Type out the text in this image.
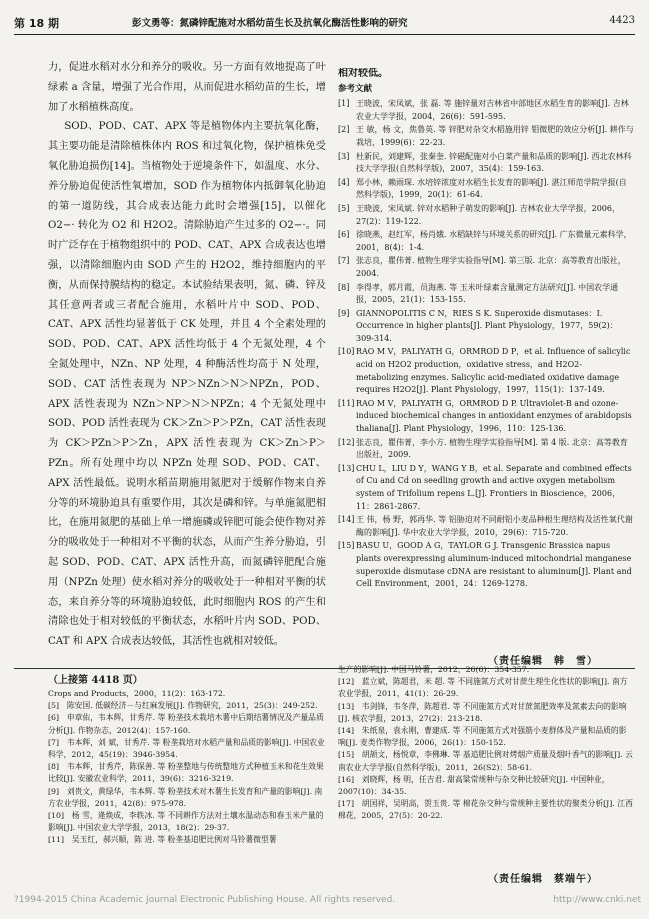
第 18 期	彭文勇等：氮磷锌配施对水稻幼苗生长及抗氧化酶活性影响的研究	4423

力，促进水稻对水分和养分的吸收。另一方面有效地提高了叶绿素 a 含量，增强了光合作用，从而促进水稻幼苗的生长，增加了水稻植株高度。

SOD、POD、CAT、APX 等是植物体内主要抗氧化酶，其主要功能是清除植株体内 ROS 和过氧化物，保护植株免受氧化胁迫损伤[14]。当植物处于逆境条件下，如温度、水分、养分胁迫促使活性氧增加，SOD 作为植物体内抵御氧化胁迫的第一道防线，其合成表达能力此时会增强[15]，以催化 O2−· 转化为 O2 和 H2O2。清除胁迫产生过多的 O2−·。同时广泛存在于植物组织中的 POD、CAT、APX 合成表达也增强，以清除细胞内由 SOD 产生的 H2O2，维持细胞内的平衡，从而保持膜结构的稳定。本试验结果表明，氮、磷、锌及其任意两者或三者配合施用，水稻叶片中 SOD、POD、CAT、APX 活性均显著低于 CK 处理，并且 4 个全素处理的 SOD、POD、CAT、APX 活性均低于 4 个无氮处理，4 个全氮处理中，NZn、NP 处理，4 种酶活性均高于 N 处理，SOD、CAT 活性表现为 NP＞NZn＞N＞NPZn，POD、APX 活性表现为 NZn＞NP＞N＞NPZn；4 个无氮处理中 SOD、POD 活性表现为 CK＞Zn＞P＞PZn，CAT 活性表现为 CK＞PZn＞P＞Zn，APX 活性表现为 CK＞Zn＞P＞PZn。所有处理中均以 NPZn 处理 SOD、POD、CAT、APX 活性最低。说明水稻苗期施用氮肥对于缓解作物来自养分等的环境胁迫具有重要作用，其次是磷和锌。与单施氮肥相比，在施用氮肥的基础上单一增施磷或锌肥可能会使作物对养分的吸收处于一种相对不平衡的状态，从而产生养分胁迫，引起 SOD、POD、CAT、APX 活性升高，而氮磷锌肥配合施用（NPZn 处理）使水稻对养分的吸收处于一种相对平衡的状态，来自养分等的环境胁迫较低，此时细胞内 ROS 的产生和清除也处于相对较低的平衡状态，水稻叶片内 SOD、POD、CAT 和 APX 合成表达较低，其活性也就相对较低。

相对较低。
参考文献
[1] 王晓波，宋凤斌，张 磊. 等 施锌量对吉林省中部地区水稻生育的影响[J]. 吉林农业大学学报，2004，26(6)：591-595.
[2] 王 敏，杨 文，焦鲁英. 等 锌肥对杂交水稻施用锌 钼微肥的效应分析[J]. 耕作与栽培，1999(6)：22-23.
[3] 杜新民，刘建辉，张秦奎. 锌磁配施对小白菜产量和品质的影响[J]. 西北农林科技大学学报(自然科学版)，2007，35(4)：159-163.
[4] 郑小林，赖雨琛. 水培锌浓度对水稻生长发育的影响[J]. 湛江师范学院学报(自然科学版)，1999，20(1)：61-64.
[5] 王晓波，宋凤斌. 锌对水稻种子萌发的影响[J]. 吉林农业大学学报，2006，27(2)：119-122.
[6] 徐晓燕，赵红军，杨肖娥. 水稻缺锌与环境关系的研究[J]. 广东微量元素科学，2001，8(4)：1-4.
[7] 张志良，瞿伟菁. 植物生理学实验指导[M]. 第三版. 北京：高等教育出版社，2004.
[8] 李得孝，郭月霞，员海燕. 等 玉米叶绿素含量测定方法研究[J]. 中国农学通报，2005，21(1)：153-155.
[9] GIANNOPOLITIS C N，RIES S K. Superoxide dismutases：I. Occurrence in higher plants[J]. Plant Physiology，1977，59(2)：309-314.
[10] RAO M V，PALIYATH G，ORMROD D P，et al. Influence of salicylic acid on H2O2 production，oxidative stress，and H2O2-metabolizing enzymes. Salicylic acid-mediated oxidative damage requires H2O2[J]. Plant Physiology，1997，115(1)：137-149.
[11] RAO M V，PALIYATH G，ORMROD D P. Ultraviolet-B and ozone-induced biochemical changes in antioxidant enzymes of arabidopsis thaliana[J]. Plant Physiology，1996，110：125-136.
[12] 张志良，瞿伟菁，李小方. 植物生理学实验指导[M]. 第 4 版. 北京：高等教育出版社，2009.
[13] CHU L，LIU D Y，WANG Y B，et al. Separate and combined effects of Cu and Cd on seedling growth and active oxygen metabolism system of Trifolium repens L.[J]. Frontiers in Bioscience，2006，11：2861-2867.
[14] 王 伟，杨 野，郭再华. 等 铝胁迫对不同耐铝小麦品种根生理结构及活性氧代谢酶的影响[J]. 华中农业大学学报，2010，29(6)：715-720.
[15] BASU U，GOOD A G，TAYLOR G J. Transgenic Brassica napus plants overexpressing aluminum-induced mitochondrial manganese superoxide dismutase cDNA are resistant to aluminum[J]. Plant and Cell Environment，2001，24：1269-1278.
（责任编辑　韩　雪）
（上接第 4418 页）
Crops and Products，2000，11(2)：163-172.
[5]　陈安国. 低碳经济－与红麻发展[J]. 作物研究，2011，25(3)：249-252.
[6]　申章佑，韦本辉，甘秀芹. 等 粉垄技术栽培木薯中后期结薯情况及产量品质分析[J]. 作物杂志，2012(4)：157-160.
[7]　韦本辉，刘 斌，甘秀芹. 等 粉垄栽培对水稻产量和品质的影响[J]. 中国农业科学，2012，45(19)：3946-3954.
[8]　韦本辉，甘秀芹，陈保善. 等 粉垄整地与传统整地方式种植玉米和花生效果比较[J]. 安徽农业科学，2011，39(6)：3216-3219.
[9]　刘贵文，黄绿华，韦本辉. 等 粉垄技术对木薯生长发育和产量的影响[J]. 南方农业学报，2011，42(8)：975-978.
[10]　杨 雪，逄焕成，李轶冰. 等 不同耕作方法对土壤水温动态和春玉米产量的影响[J]. 中国农业大学学报，2013，18(2)：29-37.
[11]　吴玉红，郝兴顺，陈 进. 等 粉垄基追肥比例对马铃薯微型薯
生产的影响[J]. 中国马铃薯，2012，26(6)：354-357.
[12]　蓝立斌，陈超君，米 超. 等 不同施氮方式对甘蔗生理生化性状的影响[J]. 南方农业学报，2011，41(1)：26-29.
[13]　韦剑锋，韦冬萍，陈超君. 等 不同施氮方式对甘蔗氮肥效率及氮素去向的影响[J]. 核农学报，2013，27(2)：213-218.
[14]　朱纸泉，袁永刚，曹建成. 等 不同施氮方式对强筋小麦群体及产量和品质的影响[J]. 麦类作物学报，2006，26(1)：150-152.
[15]　胡颉文，杨悦章，李佛琳. 等 基追肥比例对烤烟产质量及烟叶香气的影响[J]. 云南农业大学学报(自然科学版)，2011，26(S2)：58-61.
[16]　刘晓辉，杨 明，任吉君. 甜高粱常规种与杂交种比较研究[J]. 中国种业，2007(10)：34-35.
[17]　胡国祥，吴明高，贺玉贵. 等 棉花杂交种与常规种主要性状的聚类分析[J]. 江西棉花，2005，27(5)：20-22.
（责任编辑　蔡端午）
?1994-2015 China Academic Journal Electronic Publishing House. All rights reserved.	http://www.cnki.net
